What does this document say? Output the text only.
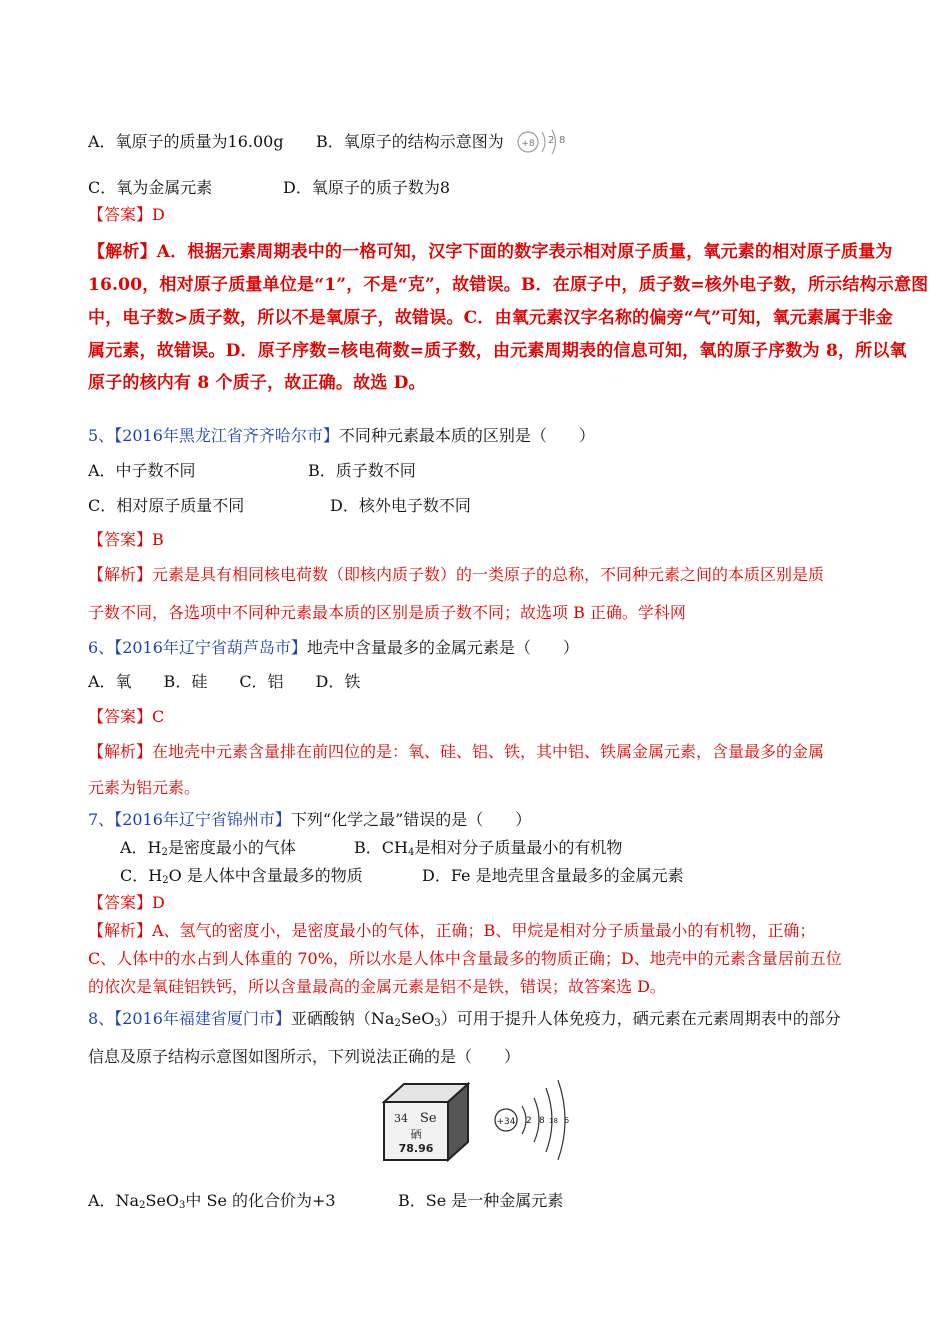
A．氧原子的质量为16.00g B．氧原子的结构示意图为 +8 2 8
C．氧为金属元素	D．氧原子的质子数为8
【答案】D
【解析】A．根据元素周期表中的一格可知，汉字下面的数字表示相对原子质量，氧元素的相对原子质量为
16.00，相对原子质量单位是“1”，不是“克”，故错误。B．在原子中，质子数=核外电子数，所示结构示意图
中，电子数>质子数，所以不是氧原子，故错误。C．由氧元素汉字名称的偏旁“气”可知，氧元素属于非金
属元素，故错误。D．原子序数=核电荷数=质子数，由元素周期表的信息可知，氧的原子序数为 8，所以氧
原子的核内有 8 个质子，故正确。故选 D。
5、【2016年黑龙江省齐齐哈尔市】不同种元素最本质的区别是（　　）
A．中子数不同	B．质子数不同
C．相对原子质量不同	D．核外电子数不同
【答案】B
【解析】元素是具有相同核电荷数（即核内质子数）的一类原子的总称，不同种元素之间的本质区别是质
子数不同，各选项中不同种元素最本质的区别是质子数不同；故选项 B 正确。学科网
6、【2016年辽宁省葫芦岛市】地壳中含量最多的金属元素是（　　）
A．氧　　B．硅　　C．铝　　D．铁
【答案】C
【解析】在地壳中元素含量排在前四位的是：氧、硅、铝、铁，其中铝、铁属金属元素，含量最多的金属
元素为铝元素。
7、【2016年辽宁省锦州市】下列“化学之最”错误的是（　　）
A．$H_2$是密度最小的气体	B．$CH_4$是相对分子质量最小的有机物
C．$H_2O$ 是人体中含量最多的物质	D．Fe 是地壳里含量最多的金属元素
【答案】D
【解析】A、氢气的密度小，是密度最小的气体，正确；B、甲烷是相对分子质量最小的有机物，正确；
C、人体中的水占到人体重的 70%，所以水是人体中含量最多的物质正确；D、地壳中的元素含量居前五位
的依次是氧硅铝铁钙，所以含量最高的金属元素是铝不是铁，错误；故答案选 D。
8、【2016年福建省厦门市】亚硒酸钠$(Na_2SeO_3)$可用于提升人体免疫力，硒元素在元素周期表中的部分
信息及原子结构示意图如图所示，下列说法正确的是（　　）
34 Se
硒
78.96
+34 2 8 18 6
A．$Na_2SeO_3$中 Se 的化合价为+3	B．Se 是一种金属元素
